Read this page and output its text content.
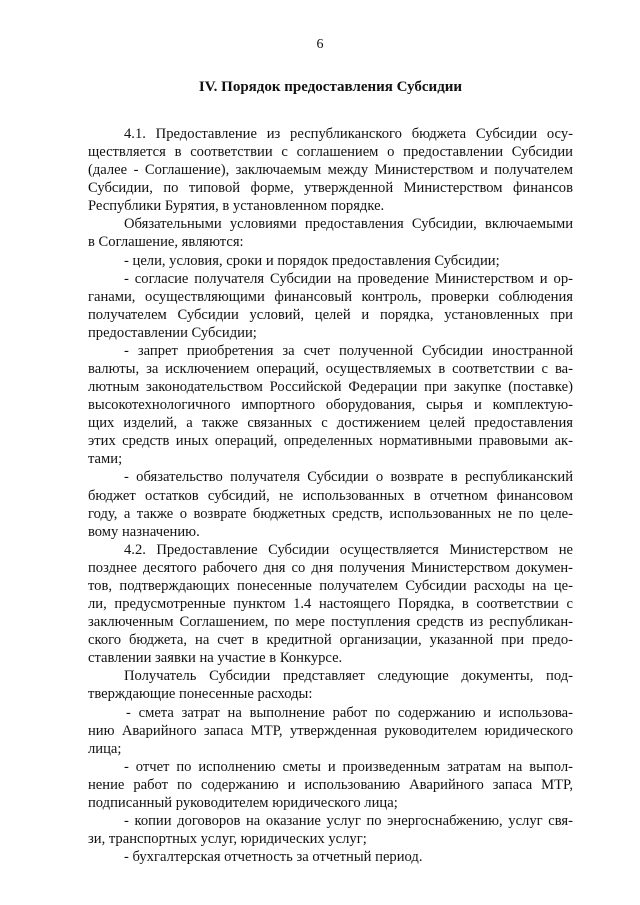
6
IV. Порядок предоставления Субсидии
4.1. Предоставление из республиканского бюджета Субсидии осу-
ществляется в соответствии с соглашением о предоставлении Субсидии
(далее - Соглашение), заключаемым между Министерством и получателем
Субсидии, по типовой форме, утвержденной Министерством финансов
Республики Бурятия, в установленном порядке.
Обязательными условиями предоставления Субсидии, включаемыми
в Соглашение, являются:
- цели, условия, сроки и порядок предоставления Субсидии;
- согласие получателя Субсидии на проведение Министерством и ор-
ганами, осуществляющими финансовый контроль, проверки соблюдения
получателем Субсидии условий, целей и порядка, установленных при
предоставлении Субсидии;
- запрет приобретения за счет полученной Субсидии иностранной
валюты, за исключением операций, осуществляемых в соответствии с ва-
лютным законодательством Российской Федерации при закупке (поставке)
высокотехнологичного импортного оборудования, сырья и комплектую-
щих изделий, а также связанных с достижением целей предоставления
этих средств иных операций, определенных нормативными правовыми ак-
тами;
- обязательство получателя Субсидии о возврате в республиканский
бюджет остатков субсидий, не использованных в отчетном финансовом
году, а также о возврате бюджетных средств, использованных не по целе-
вому назначению.
4.2. Предоставление Субсидии осуществляется Министерством не
позднее десятого рабочего дня со дня получения Министерством докумен-
тов, подтверждающих понесенные получателем Субсидии расходы на це-
ли, предусмотренные пунктом 1.4 настоящего Порядка, в соответствии с
заключенным Соглашением, по мере поступления средств из республикан-
ского бюджета, на счет в кредитной организации, указанной при предо-
ставлении заявки на участие в Конкурсе.
Получатель Субсидии представляет следующие документы, под-
тверждающие понесенные расходы:
- смета затрат на выполнение работ по содержанию и использова-
нию Аварийного запаса МТР, утвержденная руководителем юридического
лица;
- отчет по исполнению сметы и произведенным затратам на выпол-
нение работ по содержанию и использованию Аварийного запаса МТР,
подписанный руководителем юридического лица;
- копии договоров на оказание услуг по энергоснабжению, услуг свя-
зи, транспортных услуг, юридических услуг;
- бухгалтерская отчетность за отчетный период.
